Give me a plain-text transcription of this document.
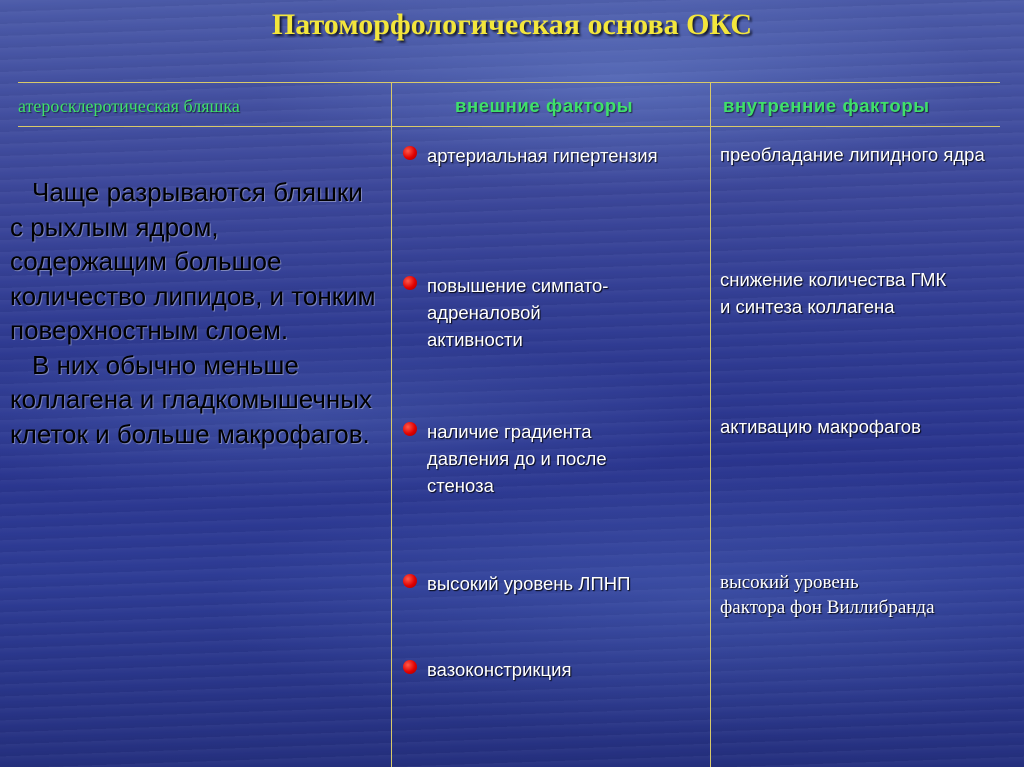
Патоморфологическая основа ОКС
атеросклеротическая бляшка	внешние факторы	внутренние факторы

Чаще разрываются бляшки с рыхлым ядром, содержащим большое количество липидов, и тонким поверхностным слоем.

В них обычно меньше коллагена и гладкомышечных клеток и больше макрофагов.

артериальная гипертензия
повышение симпато-
адреналовой
активности
наличие градиента
давления до и после
стеноза
высокий уровень ЛПНП
вазоконстрикция
преобладание липидного ядра
снижение количества ГМК
и синтеза коллагена
активацию макрофагов
высокий уровень
фактора фон Виллибранда
